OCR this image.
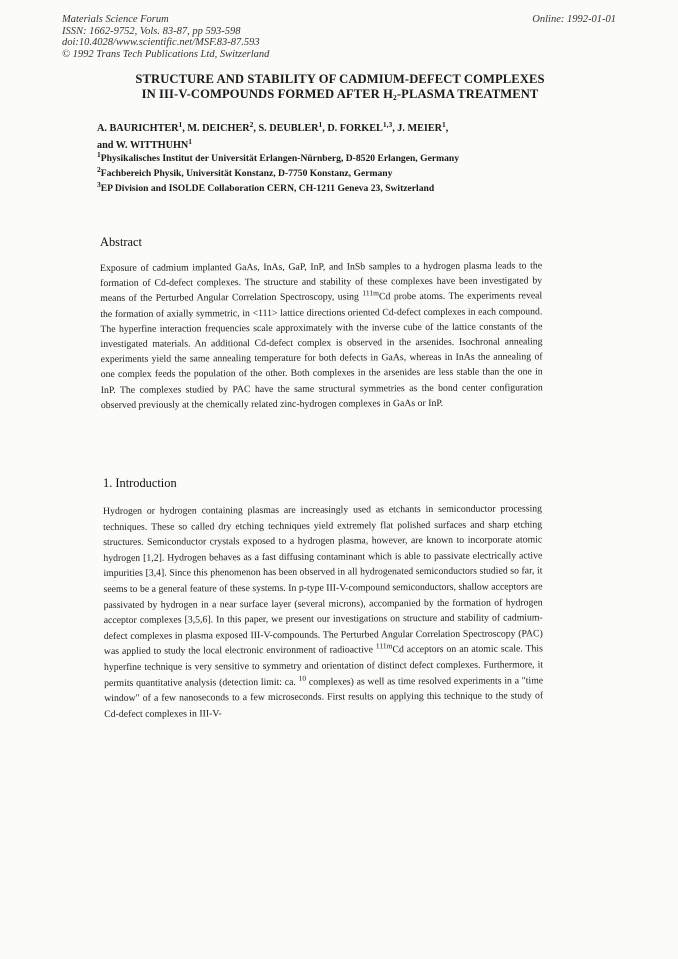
Materials Science Forum
ISSN: 1662-9752, Vols. 83-87, pp 593-598
doi:10.4028/www.scientific.net/MSF.83-87.593
© 1992 Trans Tech Publications Ltd, Switzerland
Online: 1992-01-01
STRUCTURE AND STABILITY OF CADMIUM-DEFECT COMPLEXES
IN III-V-COMPOUNDS FORMED AFTER $H_2$-PLASMA TREATMENT
A. BAURICHTER$^1$, M. DEICHER$^2$, S. DEUBLER$^1$, D. FORKEL$^{1,3}$, J. MEIER$^1$,
and W. WITTHUHN$^1$
$^1$Physikalisches Institut der Universität Erlangen-Nürnberg, D-8520 Erlangen, Germany
$^2$Fachbereich Physik, Universität Konstanz, D-7750 Konstanz, Germany
$^3$EP Division and ISOLDE Collaboration CERN, CH-1211 Geneva 23, Switzerland
Abstract
Exposure of cadmium implanted GaAs, InAs, GaP, InP, and InSb samples to a hydrogen plasma leads to the formation of Cd-defect complexes. The structure and stability of these complexes have been investigated by means of the Perturbed Angular Correlation Spectroscopy, using $^{111m}$Cd probe atoms. The experiments reveal the formation of axially symmetric, in <111> lattice directions oriented Cd-defect complexes in each compound. The hyperfine interaction frequencies scale approximately with the inverse cube of the lattice constants of the investigated materials. An additional Cd-defect complex is observed in the arsenides. Isochronal annealing experiments yield the same annealing temperature for both defects in GaAs, whereas in InAs the annealing of one complex feeds the population of the other. Both complexes in the arsenides are less stable than the one in InP. The complexes studied by PAC have the same structural symmetries as the bond center configuration observed previously at the chemically related zinc-hydrogen complexes in GaAs or InP.
1. Introduction
Hydrogen or hydrogen containing plasmas are increasingly used as etchants in semiconductor processing techniques. These so called dry etching techniques yield extremely flat polished surfaces and sharp etching structures. Semiconductor crystals exposed to a hydrogen plasma, however, are known to incorporate atomic hydrogen [1,2]. Hydrogen behaves as a fast diffusing contaminant which is able to passivate electrically active impurities [3,4]. Since this phenomenon has been observed in all hydrogenated semiconductors studied so far, it seems to be a general feature of these systems. In p-type III-V-compound semiconductors, shallow acceptors are passivated by hydrogen in a near surface layer (several microns), accompanied by the formation of hydrogen acceptor complexes [3,5,6]. In this paper, we present our investigations on structure and stability of cadmium-defect complexes in plasma exposed III-V-compounds. The Perturbed Angular Correlation Spectroscopy (PAC) was applied to study the local electronic environment of radioactive $^{111m}$Cd acceptors on an atomic scale. This hyperfine technique is very sensitive to symmetry and orientation of distinct defect complexes. Furthermore, it permits quantitative analysis (detection limit: ca. $^{10}$ complexes) as well as time resolved experiments in a "time window" of a few nanoseconds to a few microseconds. First results on applying this technique to the study of Cd-defect complexes in III-V-
